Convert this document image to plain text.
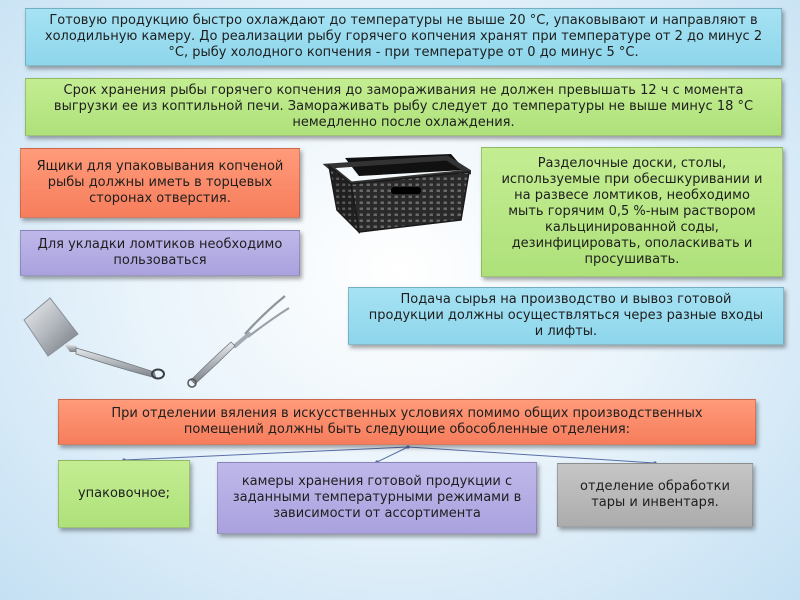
Готовую продукцию быстро охлаждают до температуры не выше 20 °С, упаковывают и направляют в
холодильную камеру. До реализации рыбу горячего копчения хранят при температуре от 2 до минус 2
°С, рыбу холодного копчения - при температуре от 0 до минус 5 °С.
Срок хранения рыбы горячего копчения до замораживания не должен превышать 12 ч с момента
выгрузки ее из коптильной печи. Замораживать рыбу следует до температуры не выше минус 18 °С
немедленно после охлаждения.
Ящики для упаковывания копченой
рыбы должны иметь в торцевых
сторонах отверстия.
Для укладки ломтиков необходимо
пользоваться
Разделочные доски, столы,
используемые при обесшкуривании и
на развесе ломтиков, необходимо
мыть горячим 0,5 %-ным раствором
кальцинированной соды,
дезинфицировать, ополаскивать и
просушивать.
Подача сырья на производство и вывоз готовой
продукции должны осуществляться через разные входы
и лифты.
При отделении вяления в искусственных условиях помимо общих производственных
помещений должны быть следующие обособленные отделения:
упаковочное;
камеры хранения готовой продукции с
заданными температурными режимами в
зависимости от ассортимента
отделение обработки
тары и инвентаря.
